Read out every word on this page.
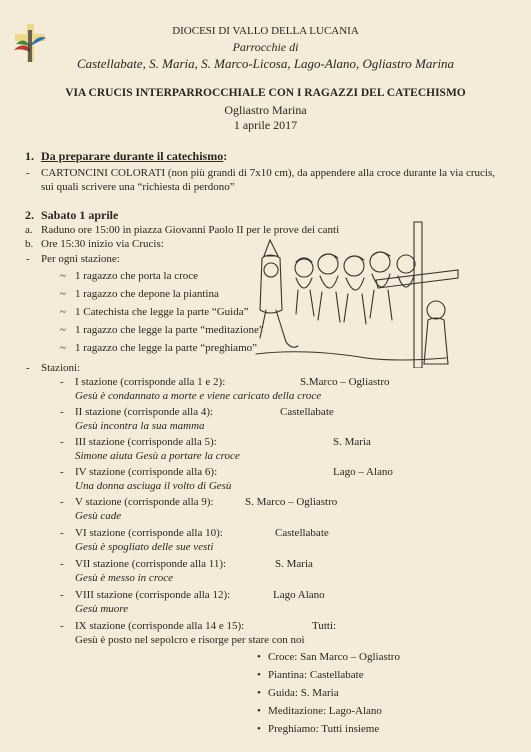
DIOCESI DI VALLO DELLA LUCANIA
Parrocchie di
Castellabate, S. Maria, S. Marco-Licosa, Lago-Alano, Ogliastro Marina
VIA CRUCIS INTERPARROCCHIALE CON I RAGAZZI DEL CATECHISMO
Ogliastro Marina
1 aprile 2017
1. Da preparare durante il catechismo:
- CARTONCINI COLORATI (non più grandi di 7x10 cm), da appendere alla croce durante la via crucis,
sui quali scrivere una “richiesta di perdono”
2. Sabato 1 aprile
a. Raduno ore 15:00 in piazza Giovanni Paolo II per le prove dei canti
b. Ore 15:30 inizio via Crucis:
- Per ogni stazione:
~ 1 ragazzo che porta la croce
~ 1 ragazzo che depone la piantina
~ 1 Catechista che legge la parte “Guida”
~ 1 ragazzo che legge la parte “meditazione”
~ 1 ragazzo che legge la parte “preghiamo”
- Stazioni:
- I stazione (corrisponde alla 1 e 2):	S.Marco – Ogliastro
Gesù è condannato a morte e viene caricato della croce
- II stazione (corrisponde alla 4):	Castellabate
Gesù incontra la sua mamma
- III stazione (corrisponde alla 5):	S. Maria
Simone aiuta Gesù a portare la croce
- IV stazione (corrisponde alla 6):	Lago – Alano
Una donna asciuga il volto di Gesù
- V stazione (corrisponde alla 9):	S. Marco – Ogliastro
Gesù cade
- VI stazione (corrisponde alla 10):	Castellabate
Gesù è spogliato delle sue vesti
- VII stazione (corrisponde alla 11):	S. Maria
Gesù è messo in croce
- VIII stazione (corrisponde alla 12):	Lago Alano
Gesù muore
- IX stazione (corrisponde alla 14 e 15):	Tutti:
Gesù è posto nel sepolcro e risorge per stare con noi
• Croce: San Marco – Ogliastro
• Piantina: Castellabate
• Guida: S. Maria
• Meditazione: Lago-Alano
• Preghiamo: Tutti insieme
